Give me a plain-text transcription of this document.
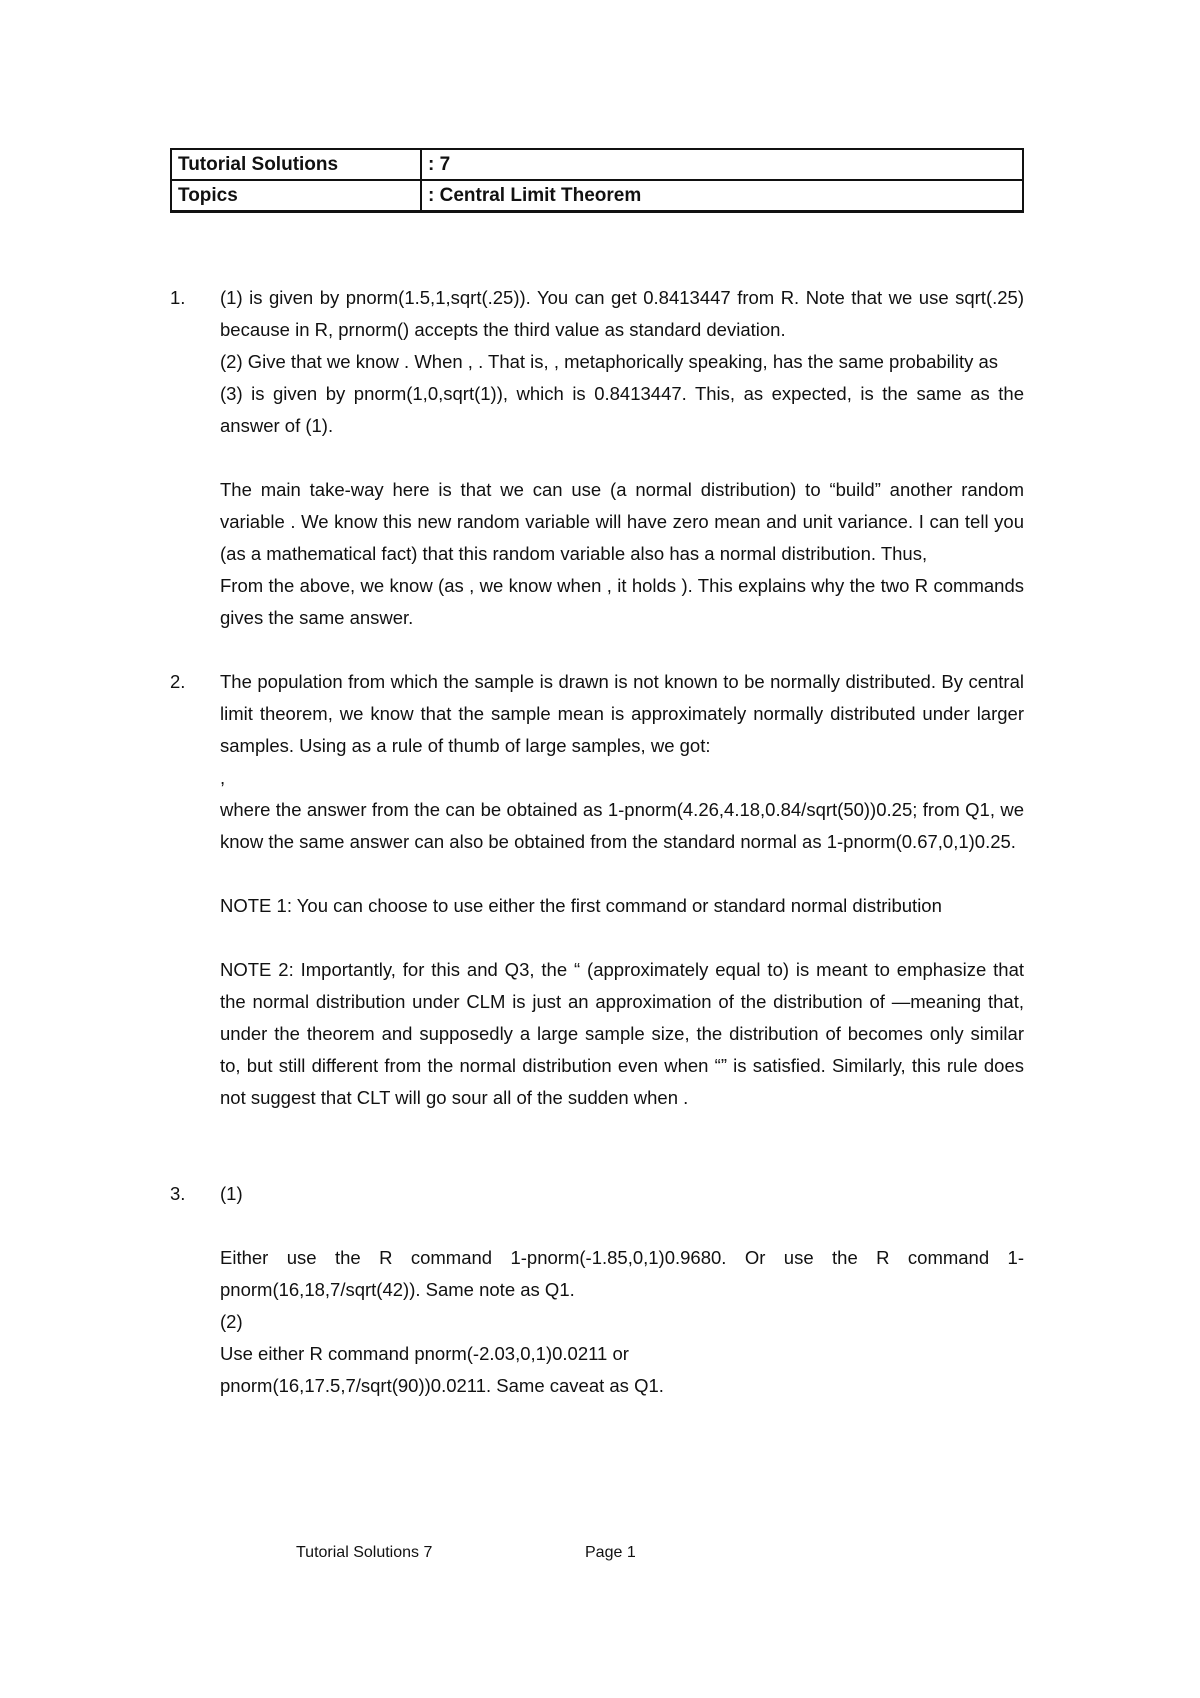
Tutorial Solutions	: 7
Topics	: Central Limit Theorem
1. (1) is given by pnorm(1.5,1,sqrt(.25)). You can get 0.8413447 from R. Note that we use sqrt(.25) because in R, prnorm() accepts the third value as standard deviation.

(2) Give that we know . When , . That is, , metaphorically speaking, has the same probability as

(3) is given by pnorm(1,0,sqrt(1)), which is 0.8413447. This, as expected, is the same as the answer of (1).

The main take-way here is that we can use (a normal distribution) to “build” another random variable . We know this new random variable will have zero mean and unit variance. I can tell you (as a mathematical fact) that this random variable also has a normal distribution. Thus,

From the above, we know (as , we know when , it holds ). This explains why the two R commands gives the same answer.

2. The population from which the sample is drawn is not known to be normally distributed. By central limit theorem, we know that the sample mean is approximately normally distributed under larger samples. Using as a rule of thumb of large samples, we got:

,

where the answer from the can be obtained as 1-pnorm(4.26,4.18,0.84/sqrt(50))0.25; from Q1, we know the same answer can also be obtained from the standard normal as 1-pnorm(0.67,0,1)0.25.

NOTE 1: You can choose to use either the first command or standard normal distribution

NOTE 2: Importantly, for this and Q3, the “ (approximately equal to) is meant to emphasize that the normal distribution under CLM is just an approximation of the distribution of —meaning that, under the theorem and supposedly a large sample size, the distribution of becomes only similar to, but still different from the normal distribution even when “” is satisfied. Similarly, this rule does not suggest that CLT will go sour all of the sudden when .

3. (1)

Either use the R command 1-pnorm(-1.85,0,1)0.9680. Or use the R command 1-pnorm(16,18,7/sqrt(42)). Same note as Q1.

(2)

Use either R command pnorm(-2.03,0,1)0.0211 or

pnorm(16,17.5,7/sqrt(90))0.0211. Same caveat as Q1.

Tutorial Solutions 7	Page 1
